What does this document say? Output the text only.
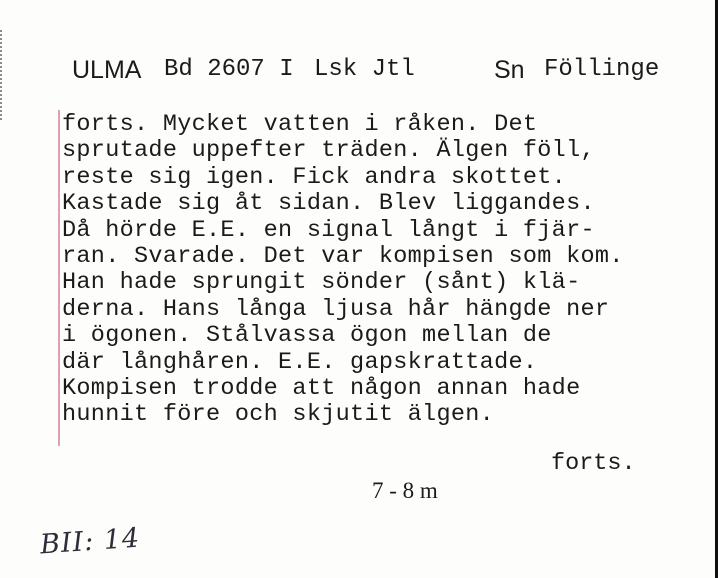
ULMA Bd 2607 I Lsk Jtl	Sn Föllinge
forts. Mycket vatten i råken. Det
sprutade uppefter träden. Älgen föll,
reste sig igen. Fick andra skottet.
Kastade sig åt sidan. Blev liggandes.
Då hörde E.E. en signal långt i fjär-
ran. Svarade. Det var kompisen som kom.
Han hade sprungit sönder (sånt) klä-
derna. Hans långa ljusa hår hängde ner
i ögonen. Stålvassa ögon mellan de
där långhåren. E.E. gapskrattade.
Kompisen trodde att någon annan hade
hunnit före och skjutit älgen.
forts.
7 - 8 m
BII: 14
